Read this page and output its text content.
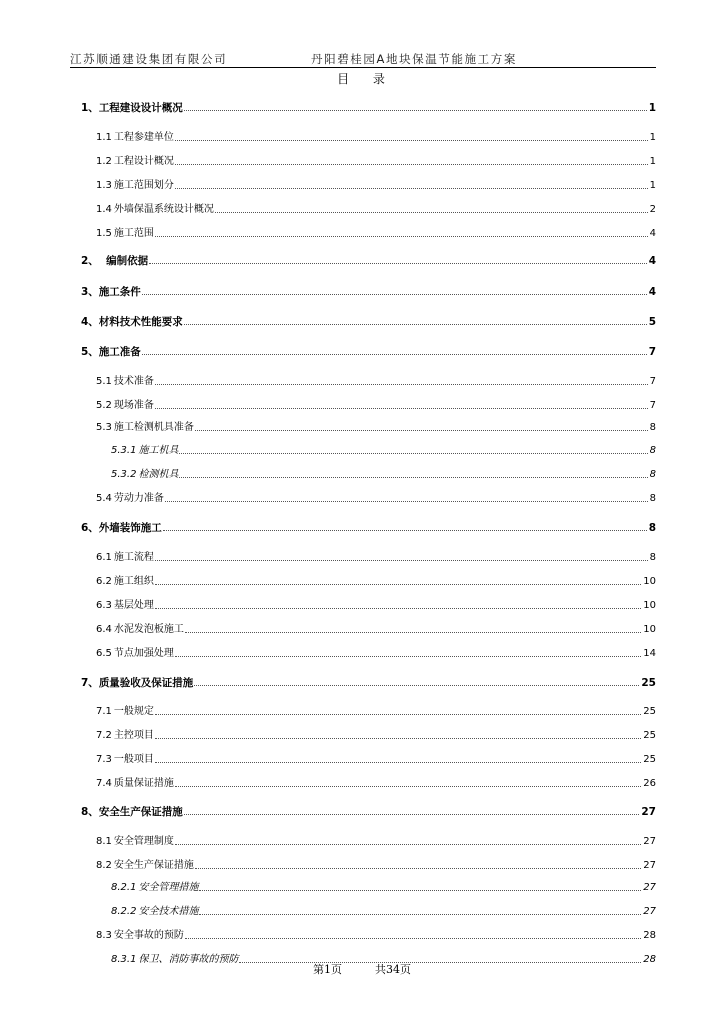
江苏顺通建设集团有限公司	丹阳碧桂园A地块保温节能施工方案
目 录
1、 工程建设设计概况	1
1.1 工程参建单位	1
1.2 工程设计概况	1
1.3 施工范围划分	1
1.4 外墙保温系统设计概况	2
1.5 施工范围	4
2、 编制依据	4
3、 施工条件	4
4、 材料技术性能要求	5
5、 施工准备	7
5.1 技术准备	7
5.2 现场准备	7
5.3 施工检测机具准备	8
5.3.1 施工机具	8
5.3.2 检测机具	8
5.4 劳动力准备	8
6、 外墙装饰施工	8
6.1 施工流程	8
6.2 施工组织	10
6.3 基层处理	10
6.4 水泥发泡板施工	10
6.5 节点加强处理	14
7、 质量验收及保证措施	25
7.1 一般规定	25
7.2 主控项目	25
7.3 一般项目	25
7.4 质量保证措施	26
8、 安全生产保证措施	27
8.1 安全管理制度	27
8.2 安全生产保证措施	27
8.2.1 安全管理措施	27
8.2.2 安全技术措施	27
8.3 安全事故的预防	28
8.3.1 保卫、消防事故的预防	28
第1页	共34页
